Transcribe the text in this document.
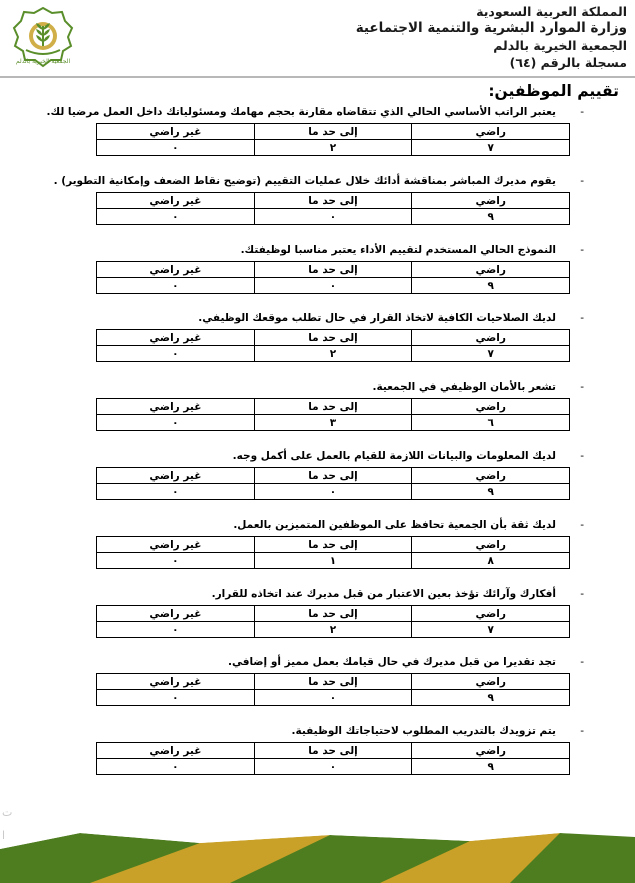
الجمعية الخيرية بالدلم
المملكة العربية السعودية
وزارة الموارد البشرية والتنمية الاجتماعية
الجمعية الخيرية بالدلم
مسجلة بالرقم (٦٤)
تقييم الموظفين:
-
يعتبر الراتب الأساسي الحالي الذي تتقاضاه مقارنة بحجم مهامك ومسئولياتك داخل العمل مرضيا لك.
راضي	إلى حد ما	غير راضي
٧	٢	٠
-
يقوم مديرك المباشر بمناقشة أدائك خلال عمليات التقييم (توضيح نقاط الضعف وإمكانية التطوير) .
راضي	إلى حد ما	غير راضي
٩	٠	٠
-
النموذج الحالي المستخدم لتقييم الأداء يعتبر مناسبا لوظيفتك.
راضي	إلى حد ما	غير راضي
٩	٠	٠
-
لديك الصلاحيات الكافية لاتخاذ القرار في حال تطلب موقعك الوظيفي.
راضي	إلى حد ما	غير راضي
٧	٢	٠
-
تشعر بالأمان الوظيفي في الجمعية.
راضي	إلى حد ما	غير راضي
٦	٣	٠
-
لديك المعلومات والبيانات اللازمة للقيام بالعمل على أكمل وجه.
راضي	إلى حد ما	غير راضي
٩	٠	٠
-
لديك ثقة بأن الجمعية تحافظ على الموظفين المتميزين بالعمل.
راضي	إلى حد ما	غير راضي
٨	١	٠
-
أفكارك وآرائك تؤخذ بعين الاعتبار من قبل مديرك عند اتخاذه للقرار.
راضي	إلى حد ما	غير راضي
٧	٢	٠
-
تجد تقديرا من قبل مديرك في حال قيامك بعمل مميز أو إضافي.
راضي	إلى حد ما	غير راضي
٩	٠	٠
-
يتم تزويدك بالتدريب المطلوب لاحتياجاتك الوظيفية.
راضي	إلى حد ما	غير راضي
٩	٠	٠
ت
ا
